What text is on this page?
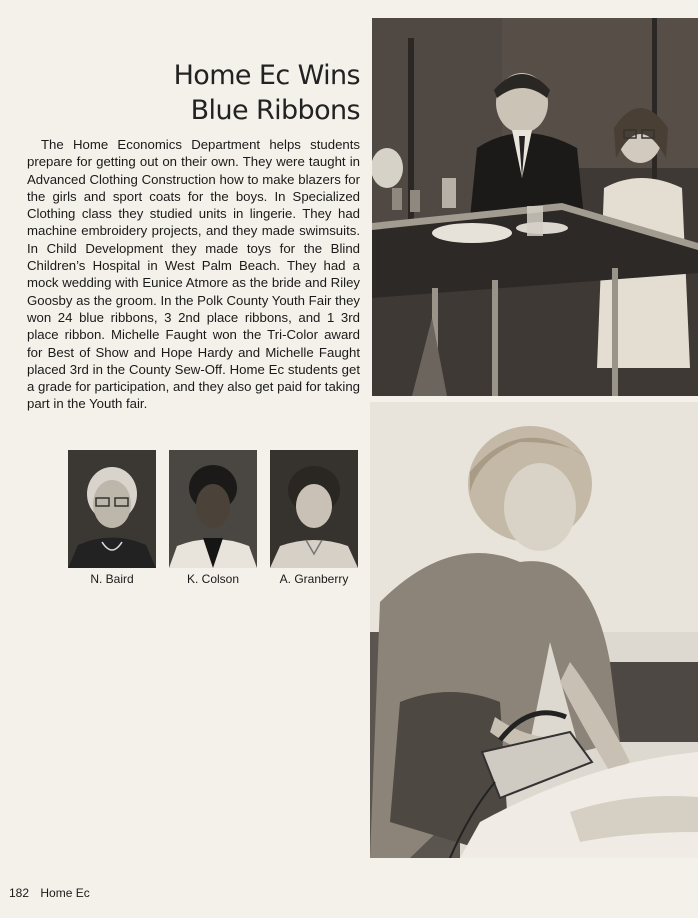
Home Ec Wins
Blue Ribbons

The Home Economics Department helps students prepare for getting out on their own. They were taught in Advanced Clothing Construction how to make blazers for the girls and sport coats for the boys. In Specialized Clothing class they studied units in lingerie. They had machine embroidery projects, and they made swimsuits. In Child Development they made toys for the Blind Children’s Hospital in West Palm Beach. They had a mock wedding with Eunice Atmore as the bride and Riley Goosby as the groom. In the Polk County Youth Fair they won 24 blue ribbons, 3 2nd place ribbons, and 1 3rd place ribbon. Michelle Faught won the Tri-Color award for Best of Show and Hope Hardy and Michelle Faught placed 3rd in the County Sew-Off. Home Ec students get a grade for participation, and they also get paid for taking part in the Youth fair.

N. Baird	K. Colson	A. Granberry
182 Home Ec
